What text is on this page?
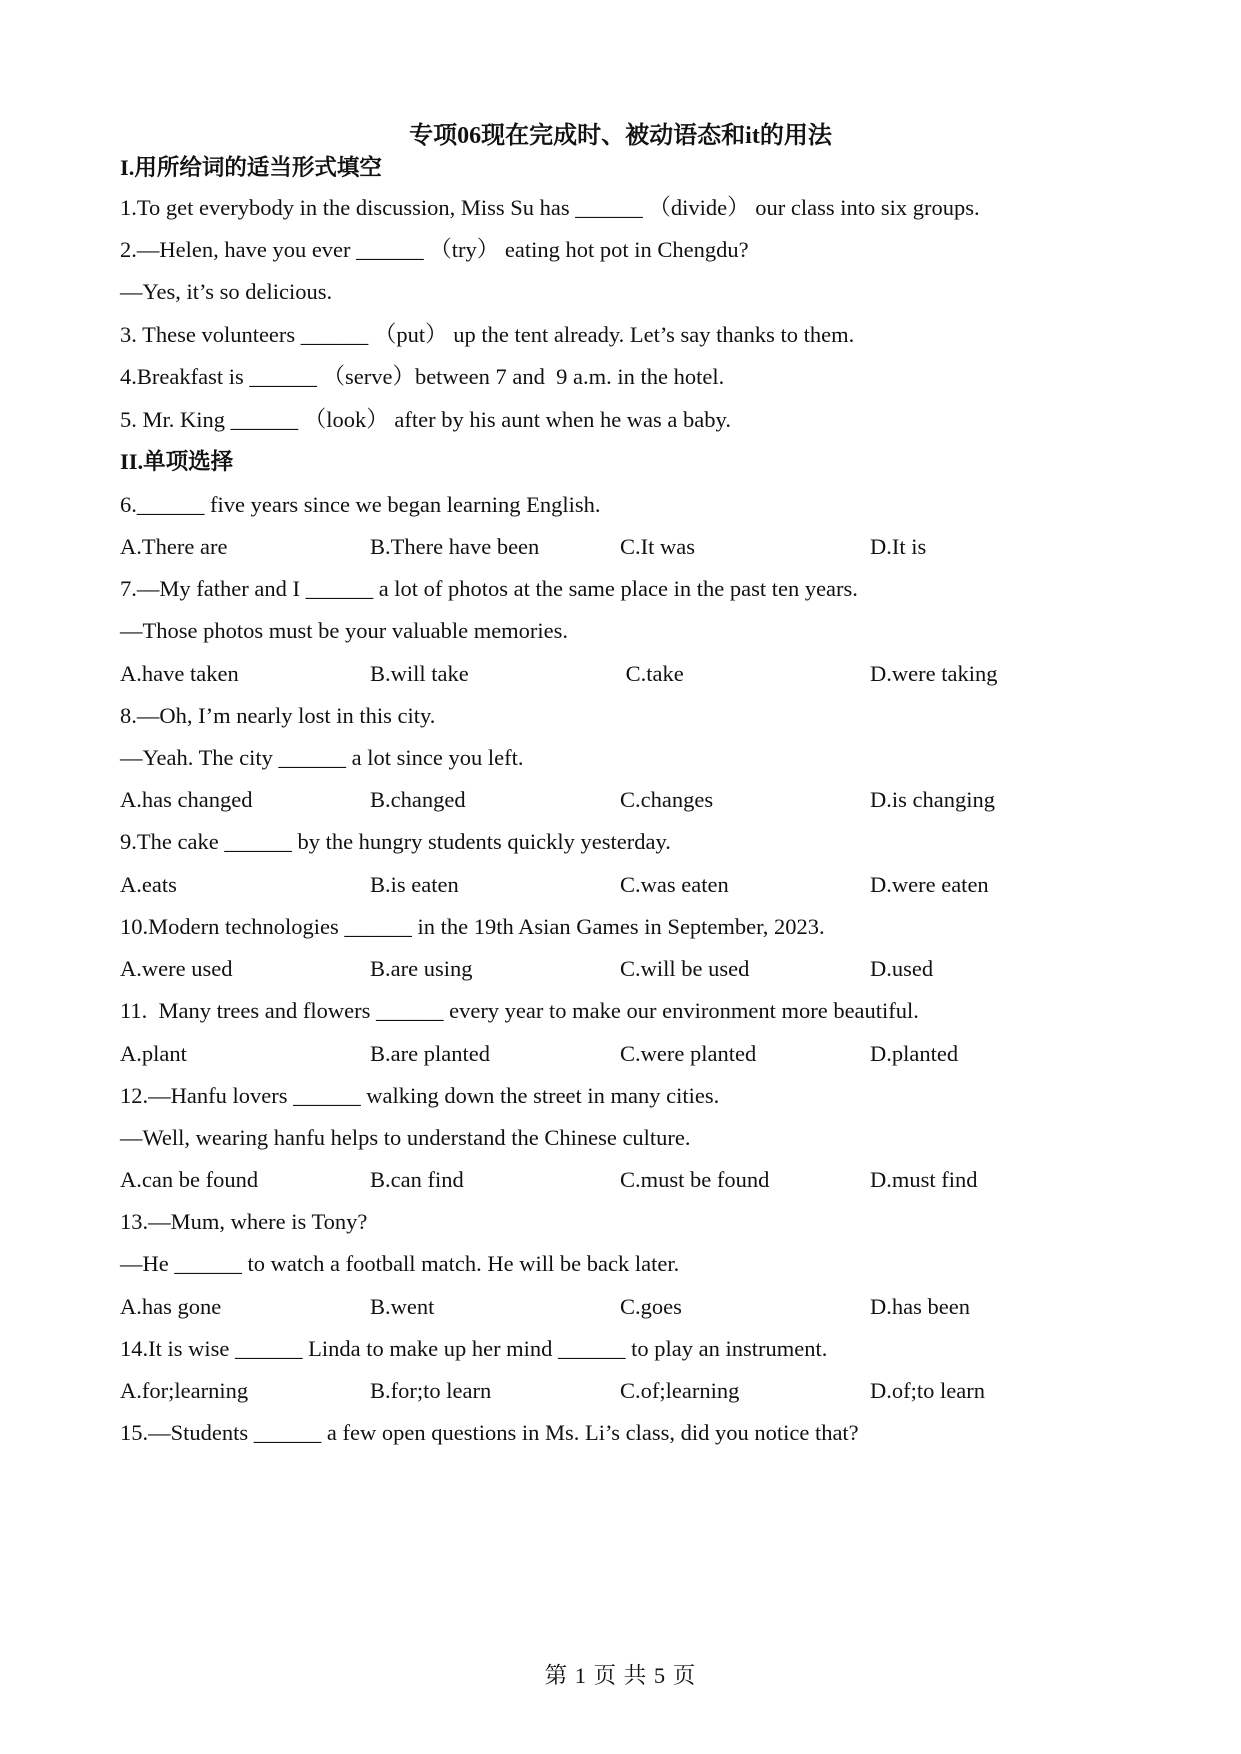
专项06现在完成时、被动语态和it的用法
I.用所给词的适当形式填空
1.To get everybody in the discussion, Miss Su has ______ （divide） our class into six groups.
2.—Helen, have you ever ______ （try） eating hot pot in Chengdu?
—Yes, it’s so delicious.
3. These volunteers ______ （put） up the tent already. Let’s say thanks to them.
4.Breakfast is ______ （serve）between 7 and  9 a.m. in the hotel.
5. Mr. King ______ （look） after by his aunt when he was a baby.
II.单项选择
6.______ five years since we began learning English.
A.There are	B.There have been	C.It was	D.It is
7.—My father and I ______ a lot of photos at the same place in the past ten years.
—Those photos must be your valuable memories.
A.have taken	B.will take	C.take	D.were taking
8.—Oh, I’m nearly lost in this city.
—Yeah. The city ______ a lot since you left.
A.has changed	B.changed	C.changes	D.is changing
9.The cake ______ by the hungry students quickly yesterday.
A.eats	B.is eaten	C.was eaten	D.were eaten
10.Modern technologies ______ in the 19th Asian Games in September, 2023.
A.were used	B.are using	C.will be used	D.used
11.  Many trees and flowers ______ every year to make our environment more beautiful.
A.plant	B.are planted	C.were planted	D.planted
12.—Hanfu lovers ______ walking down the street in many cities.
—Well, wearing hanfu helps to understand the Chinese culture.
A.can be found	B.can find	C.must be found	D.must find
13.—Mum, where is Tony?
—He ______ to watch a football match. He will be back later.
A.has gone	B.went	C.goes	D.has been
14.It is wise ______ Linda to make up her mind ______ to play an instrument.
A.for;learning	B.for;to learn	C.of;learning	D.of;to learn
15.—Students ______ a few open questions in Ms. Li’s class, did you notice that?
第 1 页 共 5 页
